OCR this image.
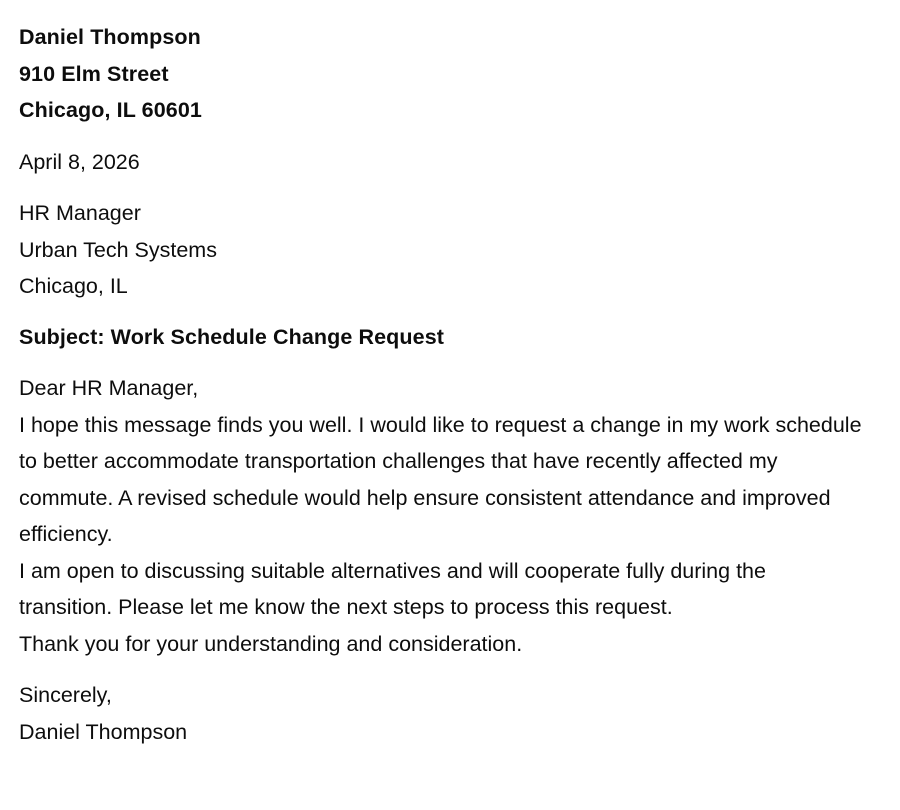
Daniel Thompson
910 Elm Street
Chicago, IL 60601
April 8, 2026
HR Manager
Urban Tech Systems
Chicago, IL
Subject: Work Schedule Change Request
Dear HR Manager,

I hope this message finds you well. I would like to request a change in my work schedule to better accommodate transportation challenges that have recently affected my commute. A revised schedule would help ensure consistent attendance and improved efficiency.

I am open to discussing suitable alternatives and will cooperate fully during the transition. Please let me know the next steps to process this request.

Thank you for your understanding and consideration.

Sincerely,
Daniel Thompson
